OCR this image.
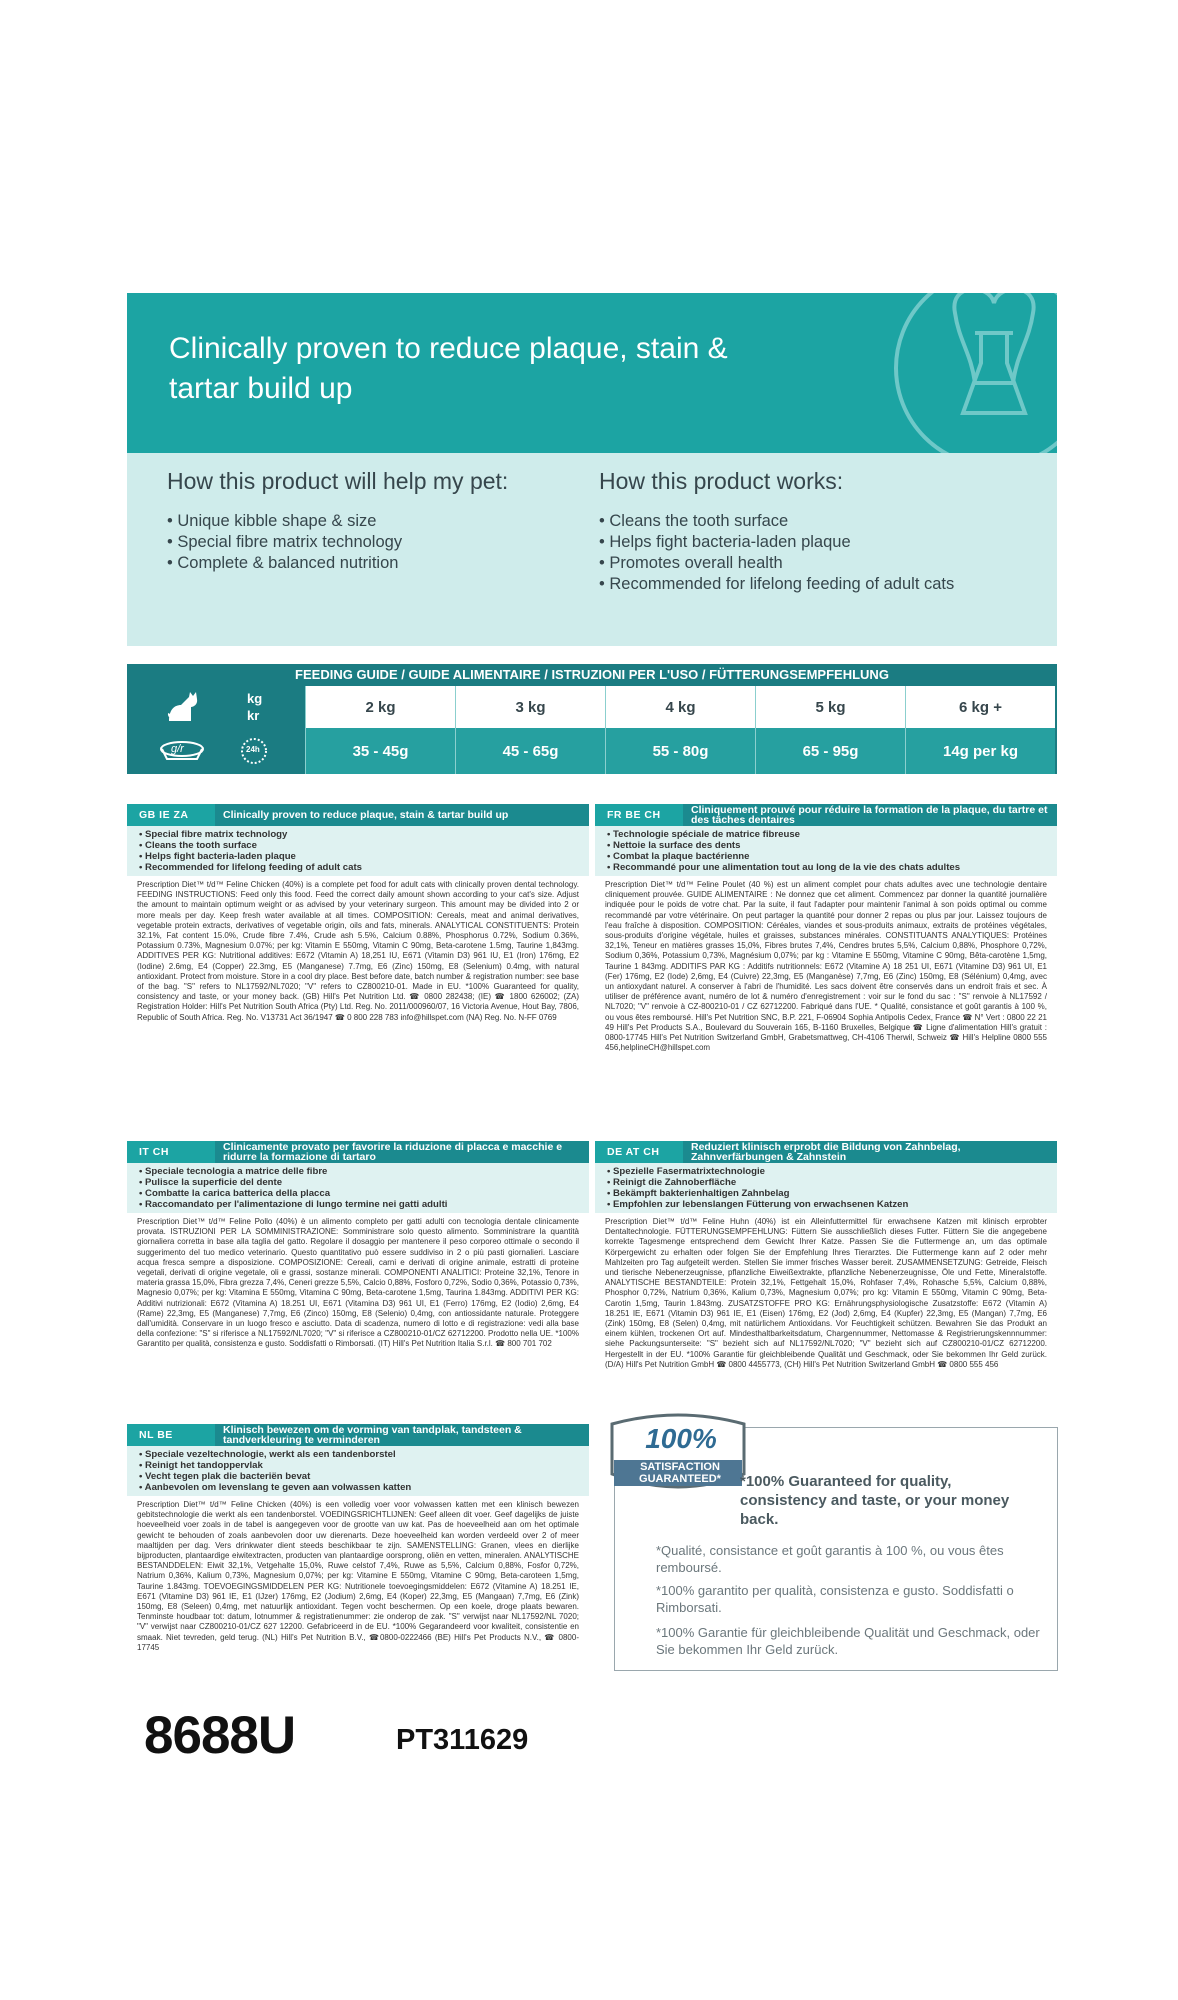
Clinically proven to reduce plaque, stain & tartar build up
How this product will help my pet:
• Unique kibble shape & size
• Special fibre matrix technology
• Complete & balanced nutrition
How this product works:
• Cleans the tooth surface
• Helps fight bacteria-laden plaque
• Promotes overall health
• Recommended for lifelong feeding of adult cats
FEEDING GUIDE / GUIDE ALIMENTAIRE / ISTRUZIONI PER L'USO / FÜTTERUNGSEMPFEHLUNG
kg
kr	2 kg	3 kg	4 kg	5 kg	6 kg +
g/r	24h	35 - 45g	45 - 65g	55 - 80g	65 - 95g	14g per kg
GB IE ZA	Clinically proven to reduce plaque, stain & tartar build up
• Special fibre matrix technology
• Cleans the tooth surface
• Helps fight bacteria-laden plaque
• Recommended for lifelong feeding of adult cats
Prescription Diet™ t/d™ Feline Chicken (40%) is a complete pet food for adult cats with clinically proven dental technology. FEEDING INSTRUCTIONS: Feed only this food. Feed the correct daily amount shown according to your cat's size. Adjust the amount to maintain optimum weight or as advised by your veterinary surgeon. This amount may be divided into 2 or more meals per day. Keep fresh water available at all times. COMPOSITION: Cereals, meat and animal derivatives, vegetable protein extracts, derivatives of vegetable origin, oils and fats, minerals. ANALYTICAL CONSTITUENTS: Protein 32.1%, Fat content 15.0%, Crude fibre 7.4%, Crude ash 5.5%, Calcium 0.88%, Phosphorus 0.72%, Sodium 0.36%, Potassium 0.73%, Magnesium 0.07%; per kg: Vitamin E 550mg, Vitamin C 90mg, Beta-carotene 1.5mg, Taurine 1,843mg. ADDITIVES PER KG: Nutritional additives: E672 (Vitamin A) 18,251 IU, E671 (Vitamin D3) 961 IU, E1 (Iron) 176mg, E2 (Iodine) 2.6mg, E4 (Copper) 22.3mg, E5 (Manganese) 7.7mg, E6 (Zinc) 150mg, E8 (Selenium) 0.4mg, with natural antioxidant. Protect from moisture. Store in a cool dry place. Best before date, batch number & registration number: see base of the bag. "S" refers to NL17592/NL7020; "V" refers to CZ800210-01. Made in EU. *100% Guaranteed for quality, consistency and taste, or your money back. (GB) Hill's Pet Nutrition Ltd. ☎ 0800 282438; (IE) ☎ 1800 626002; (ZA) Registration Holder: Hill's Pet Nutrition South Africa (Pty) Ltd. Reg. No. 2011/000960/07, 16 Victoria Avenue, Hout Bay, 7806, Republic of South Africa. Reg. No. V13731 Act 36/1947 ☎ 0 800 228 783 info@hillspet.com (NA) Reg. No. N-FF 0769
FR BE CH	Cliniquement prouvé pour réduire la formation de la plaque, du tartre et des tâches dentaires
• Technologie spéciale de matrice fibreuse
• Nettoie la surface des dents
• Combat la plaque bactérienne
• Recommandé pour une alimentation tout au long de la vie des chats adultes
Prescription Diet™ t/d™ Feline Poulet (40 %) est un aliment complet pour chats adultes avec une technologie dentaire cliniquement prouvée. GUIDE ALIMENTAIRE : Ne donnez que cet aliment. Commencez par donner la quantité journalière indiquée pour le poids de votre chat. Par la suite, il faut l'adapter pour maintenir l'animal à son poids optimal ou comme recommandé par votre vétérinaire. On peut partager la quantité pour donner 2 repas ou plus par jour. Laissez toujours de l'eau fraîche à disposition. COMPOSITION: Céréales, viandes et sous-produits animaux, extraits de protéines végétales, sous-produits d'origine végétale, huiles et graisses, substances minérales. CONSTITUANTS ANALYTIQUES: Protéines 32,1%, Teneur en matières grasses 15,0%, Fibres brutes 7,4%, Cendres brutes 5,5%, Calcium 0,88%, Phosphore 0,72%, Sodium 0,36%, Potassium 0,73%, Magnésium 0,07%; par kg : Vitamine E 550mg, Vitamine C 90mg, Bêta-carotène 1,5mg, Taurine 1 843mg. ADDITIFS PAR KG : Additifs nutritionnels: E672 (Vitamine A) 18 251 UI, E671 (Vitamine D3) 961 UI, E1 (Fer) 176mg, E2 (Iode) 2,6mg, E4 (Cuivre) 22,3mg, E5 (Manganèse) 7,7mg, E6 (Zinc) 150mg, E8 (Sélénium) 0,4mg, avec un antioxydant naturel. A conserver à l'abri de l'humidité. Les sacs doivent être conservés dans un endroit frais et sec. À utiliser de préférence avant, numéro de lot & numéro d'enregistrement : voir sur le fond du sac : "S" renvoie à NL17592 / NL7020; "V" renvoie à CZ-800210-01 / CZ 62712200. Fabriqué dans l'UE. * Qualité, consistance et goût garantis à 100 %, ou vous êtes remboursé. Hill's Pet Nutrition SNC, B.P. 221, F-06904 Sophia Antipolis Cedex, France ☎ N° Vert : 0800 22 21 49 Hill's Pet Products S.A., Boulevard du Souverain 165, B-1160 Bruxelles, Belgique ☎ Ligne d'alimentation Hill's gratuit : 0800-17745 Hill's Pet Nutrition Switzerland GmbH, Grabetsmattweg, CH-4106 Therwil, Schweiz ☎ Hill's Helpline 0800 555 456,helplineCH@hillspet.com
IT CH	Clinicamente provato per favorire la riduzione di placca e macchie e ridurre la formazione di tartaro
• Speciale tecnologia a matrice delle fibre
• Pulisce la superficie del dente
• Combatte la carica batterica della placca
• Raccomandato per l'alimentazione di lungo termine nei gatti adulti
Prescription Diet™ t/d™ Feline Pollo (40%) è un alimento completo per gatti adulti con tecnologia dentale clinicamente provata. ISTRUZIONI PER LA SOMMINISTRAZIONE: Somministrare solo questo alimento. Somministrare la quantità giornaliera corretta in base alla taglia del gatto. Regolare il dosaggio per mantenere il peso corporeo ottimale o secondo il suggerimento del tuo medico veterinario. Questo quantitativo può essere suddiviso in 2 o più pasti giornalieri. Lasciare acqua fresca sempre a disposizione. COMPOSIZIONE: Cereali, carni e derivati di origine animale, estratti di proteine vegetali, derivati di origine vegetale, oli e grassi, sostanze minerali. COMPONENTI ANALITICI: Proteine 32,1%, Tenore in materia grassa 15,0%, Fibra grezza 7,4%, Ceneri grezze 5,5%, Calcio 0,88%, Fosforo 0,72%, Sodio 0,36%, Potassio 0,73%, Magnesio 0,07%; per kg: Vitamina E 550mg, Vitamina C 90mg, Beta-carotene 1,5mg, Taurina 1.843mg. ADDITIVI PER KG: Additivi nutrizionali: E672 (Vitamina A) 18.251 UI, E671 (Vitamina D3) 961 UI, E1 (Ferro) 176mg, E2 (Iodio) 2,6mg, E4 (Rame) 22,3mg, E5 (Manganese) 7,7mg, E6 (Zinco) 150mg, E8 (Selenio) 0,4mg, con antiossidante naturale. Proteggere dall'umidità. Conservare in un luogo fresco e asciutto. Data di scadenza, numero di lotto e di registrazione: vedi alla base della confezione: "S" si riferisce a NL17592/NL7020; "V" si riferisce a CZ800210-01/CZ 62712200. Prodotto nella UE. *100% Garantito per qualità, consistenza e gusto. Soddisfatti o Rimborsati. (IT) Hill's Pet Nutrition Italia S.r.l. ☎ 800 701 702
DE AT CH	Reduziert klinisch erprobt die Bildung von Zahnbelag, Zahnverfärbungen & Zahnstein
• Spezielle Fasermatrixtechnologie
• Reinigt die Zahnoberfläche
• Bekämpft bakterienhaltigen Zahnbelag
• Empfohlen zur lebenslangen Fütterung von erwachsenen Katzen
Prescription Diet™ t/d™ Feline Huhn (40%) ist ein Alleinfuttermittel für erwachsene Katzen mit klinisch erprobter Dentaltechnologie. FÜTTERUNGSEMPFEHLUNG: Füttern Sie ausschließlich dieses Futter. Füttern Sie die angegebene korrekte Tagesmenge entsprechend dem Gewicht Ihrer Katze. Passen Sie die Futtermenge an, um das optimale Körpergewicht zu erhalten oder folgen Sie der Empfehlung Ihres Tierarztes. Die Futtermenge kann auf 2 oder mehr Mahlzeiten pro Tag aufgeteilt werden. Stellen Sie immer frisches Wasser bereit. ZUSAMMENSETZUNG: Getreide, Fleisch und tierische Nebenerzeugnisse, pflanzliche Eiweißextrakte, pflanzliche Nebenerzeugnisse, Öle und Fette, Mineralstoffe. ANALYTISCHE BESTANDTEILE: Protein 32,1%, Fettgehalt 15,0%, Rohfaser 7,4%, Rohasche 5,5%, Calcium 0,88%, Phosphor 0,72%, Natrium 0,36%, Kalium 0,73%, Magnesium 0,07%; pro kg: Vitamin E 550mg, Vitamin C 90mg, Beta-Carotin 1,5mg, Taurin 1.843mg. ZUSATZSTOFFE PRO KG: Ernährungsphysiologische Zusatzstoffe: E672 (Vitamin A) 18.251 IE, E671 (Vitamin D3) 961 IE, E1 (Eisen) 176mg, E2 (Jod) 2,6mg, E4 (Kupfer) 22,3mg, E5 (Mangan) 7,7mg, E6 (Zink) 150mg, E8 (Selen) 0,4mg, mit natürlichem Antioxidans. Vor Feuchtigkeit schützen. Bewahren Sie das Produkt an einem kühlen, trockenen Ort auf. Mindesthaltbarkeitsdatum, Chargennummer, Nettomasse & Registrierungskennnummer: siehe Packungsunterseite: "S" bezieht sich auf NL17592/NL7020; "V" bezieht sich auf CZ800210-01/CZ 62712200. Hergestellt in der EU. *100% Garantie für gleichbleibende Qualität und Geschmack, oder Sie bekommen Ihr Geld zurück. (D/A) Hill's Pet Nutrition GmbH ☎ 0800 4455773, (CH) Hill's Pet Nutrition Switzerland GmbH ☎ 0800 555 456
NL BE	Klinisch bewezen om de vorming van tandplak, tandsteen & tandverkleuring te verminderen
• Speciale vezeltechnologie, werkt als een tandenborstel
• Reinigt het tandoppervlak
• Vecht tegen plak die bacteriën bevat
• Aanbevolen om levenslang te geven aan volwassen katten
Prescription Diet™ t/d™ Feline Chicken (40%) is een volledig voer voor volwassen katten met een klinisch bewezen gebitstechnologie die werkt als een tandenborstel. VOEDINGSRICHTLIJNEN: Geef alleen dit voer. Geef dagelijks de juiste hoeveelheid voer zoals in de tabel is aangegeven voor de grootte van uw kat. Pas de hoeveelheid aan om het optimale gewicht te behouden of zoals aanbevolen door uw dierenarts. Deze hoeveelheid kan worden verdeeld over 2 of meer maaltijden per dag. Vers drinkwater dient steeds beschikbaar te zijn. SAMENSTELLING: Granen, vlees en dierlijke bijproducten, plantaardige eiwitextracten, producten van plantaardige oorsprong, oliën en vetten, mineralen. ANALYTISCHE BESTANDDELEN: Eiwit 32,1%, Vetgehalte 15,0%, Ruwe celstof 7,4%, Ruwe as 5,5%, Calcium 0,88%, Fosfor 0,72%, Natrium 0,36%, Kalium 0,73%, Magnesium 0,07%; per kg: Vitamine E 550mg, Vitamine C 90mg, Beta-caroteen 1,5mg, Taurine 1.843mg. TOEVOEGINGSMIDDELEN PER KG: Nutritionele toevoegingsmiddelen: E672 (Vitamine A) 18.251 IE, E671 (Vitamine D3) 961 IE, E1 (IJzer) 176mg, E2 (Jodium) 2,6mg, E4 (Koper) 22,3mg, E5 (Mangaan) 7,7mg, E6 (Zink) 150mg, E8 (Seleen) 0,4mg, met natuurlijk antioxidant. Tegen vocht beschermen. Op een koele, droge plaats bewaren. Tenminste houdbaar tot: datum, lotnummer & registratienummer: zie onderop de zak. "S" verwijst naar NL17592/NL 7020; "V" verwijst naar CZ800210-01/CZ 627 12200. Gefabriceerd in de EU. *100% Gegarandeerd voor kwaliteit, consistentie en smaak. Niet tevreden, geld terug. (NL) Hill's Pet Nutrition B.V., ☎0800-0222466 (BE) Hill's Pet Products N.V., ☎ 0800-17745
100%
SATISFACTION
GUARANTEED*	*100% Guaranteed for quality, consistency and taste, or your money back.
*Qualité, consistance et goût garantis à 100 %, ou vous êtes remboursé.
*100% garantito per qualità, consistenza e gusto. Soddisfatti o Rimborsati.
*100% Garantie für gleichbleibende Qualität und Geschmack, oder Sie bekommen Ihr Geld zurück.
8688U	PT311629
